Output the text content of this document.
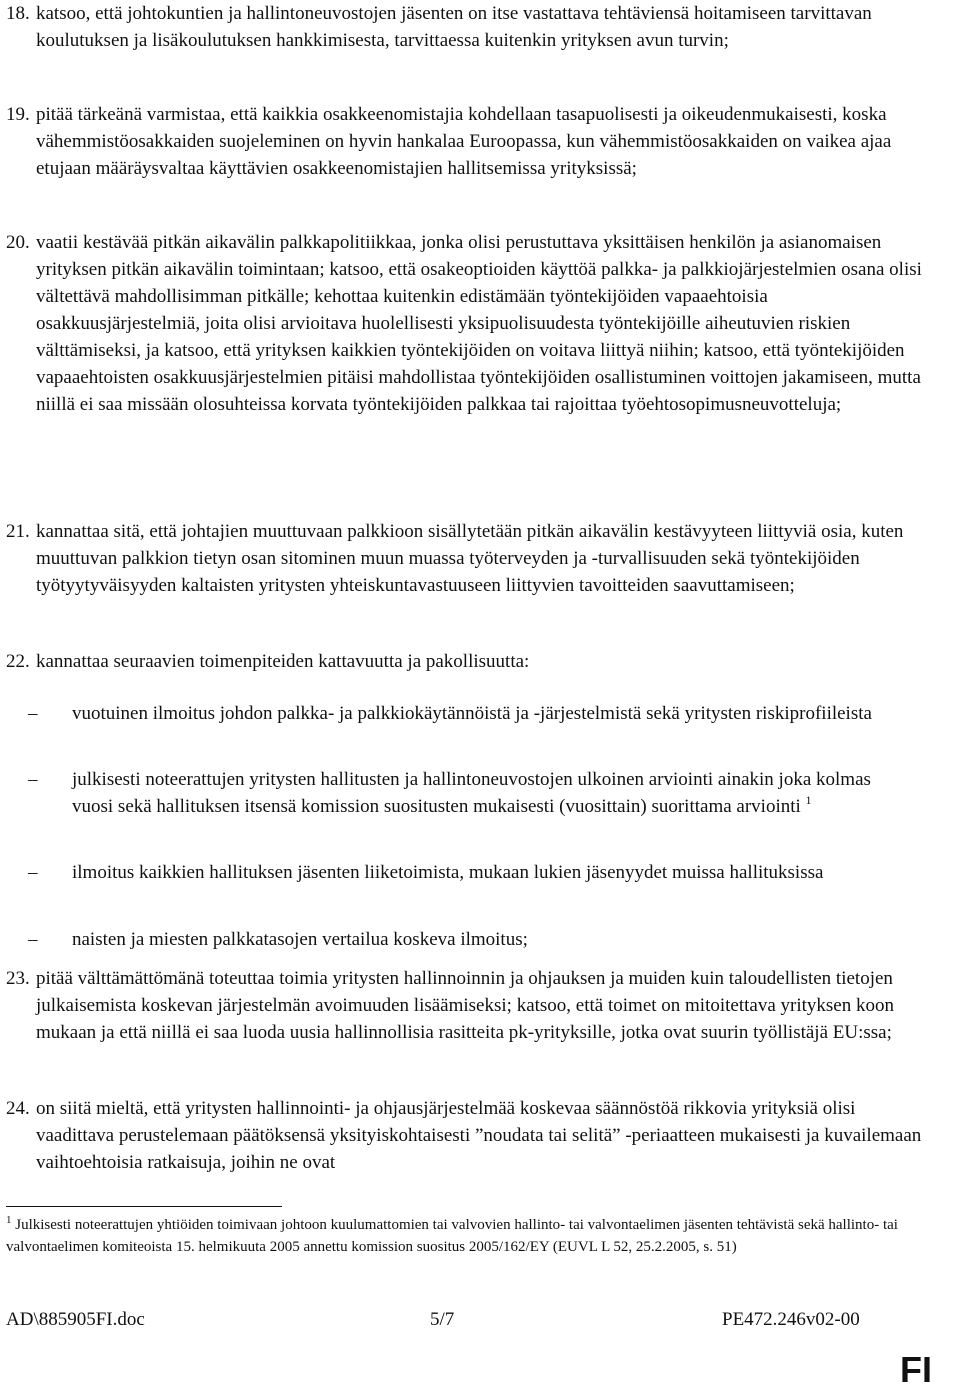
18. katsoo, että johtokuntien ja hallintoneuvostojen jäsenten on itse vastattava tehtäviensä hoitamiseen tarvittavan koulutuksen ja lisäkoulutuksen hankkimisesta, tarvittaessa kuitenkin yrityksen avun turvin;
19. pitää tärkeänä varmistaa, että kaikkia osakkeenomistajia kohdellaan tasapuolisesti ja oikeudenmukaisesti, koska vähemmistöosakkaiden suojeleminen on hyvin hankalaa Euroopassa, kun vähemmistöosakkaiden on vaikea ajaa etujaan määräysvaltaa käyttävien osakkeenomistajien hallitsemissa yrityksissä;
20. vaatii kestävää pitkän aikavälin palkkapolitiikkaa, jonka olisi perustuttava yksittäisen henkilön ja asianomaisen yrityksen pitkän aikavälin toimintaan; katsoo, että osakeoptioiden käyttöä palkka- ja palkkiojärjestelmien osana olisi vältettävä mahdollisimman pitkälle; kehottaa kuitenkin edistämään työntekijöiden vapaaehtoisia osakkuusjärjestelmiä, joita olisi arvioitava huolellisesti yksipuolisuudesta työntekijöille aiheutuvien riskien välttämiseksi, ja katsoo, että yrityksen kaikkien työntekijöiden on voitava liittyä niihin; katsoo, että työntekijöiden vapaaehtoisten osakkuusjärjestelmien pitäisi mahdollistaa työntekijöiden osallistuminen voittojen jakamiseen, mutta niillä ei saa missään olosuhteissa korvata työntekijöiden palkkaa tai rajoittaa työehtosopimusneuvotteluja;
21. kannattaa sitä, että johtajien muuttuvaan palkkioon sisällytetään pitkän aikavälin kestävyyteen liittyviä osia, kuten muuttuvan palkkion tietyn osan sitominen muun muassa työterveyden ja -turvallisuuden sekä työntekijöiden työtyytyväisyyden kaltaisten yritysten yhteiskuntavastuuseen liittyvien tavoitteiden saavuttamiseen;
22. kannattaa seuraavien toimenpiteiden kattavuutta ja pakollisuutta:
– vuotuinen ilmoitus johdon palkka- ja palkkiokäytännöistä ja -järjestelmistä sekä yritysten riskiprofiileista
– julkisesti noteerattujen yritysten hallitusten ja hallintoneuvostojen ulkoinen arviointi ainakin joka kolmas vuosi sekä hallituksen itsensä komission suositusten mukaisesti (vuosittain) suorittama arviointi $^1$
– ilmoitus kaikkien hallituksen jäsenten liiketoimista, mukaan lukien jäsenyydet muissa hallituksissa
– naisten ja miesten palkkatasojen vertailua koskeva ilmoitus;
23. pitää välttämättömänä toteuttaa toimia yritysten hallinnoinnin ja ohjauksen ja muiden kuin taloudellisten tietojen julkaisemista koskevan järjestelmän avoimuuden lisäämiseksi; katsoo, että toimet on mitoitettava yrityksen koon mukaan ja että niillä ei saa luoda uusia hallinnollisia rasitteita pk-yrityksille, jotka ovat suurin työllistäjä EU:ssa;
24. on siitä mieltä, että yritysten hallinnointi- ja ohjausjärjestelmää koskevaa säännöstöä rikkovia yrityksiä olisi vaadittava perustelemaan päätöksensä yksityiskohtaisesti ”noudata tai selitä” -periaatteen mukaisesti ja kuvailemaan vaihtoehtoisia ratkaisuja, joihin ne ovat

$^1$ Julkisesti noteerattujen yhtiöiden toimivaan johtoon kuulumattomien tai valvovien hallinto- tai valvontaelimen jäsenten tehtävistä sekä hallinto- tai valvontaelimen komiteoista 15. helmikuuta 2005 annettu komission suositus 2005/162/EY (EUVL L 52, 25.2.2005, s. 51)

AD\885905FI.doc	5/7	PE472.246v02-00
FI
